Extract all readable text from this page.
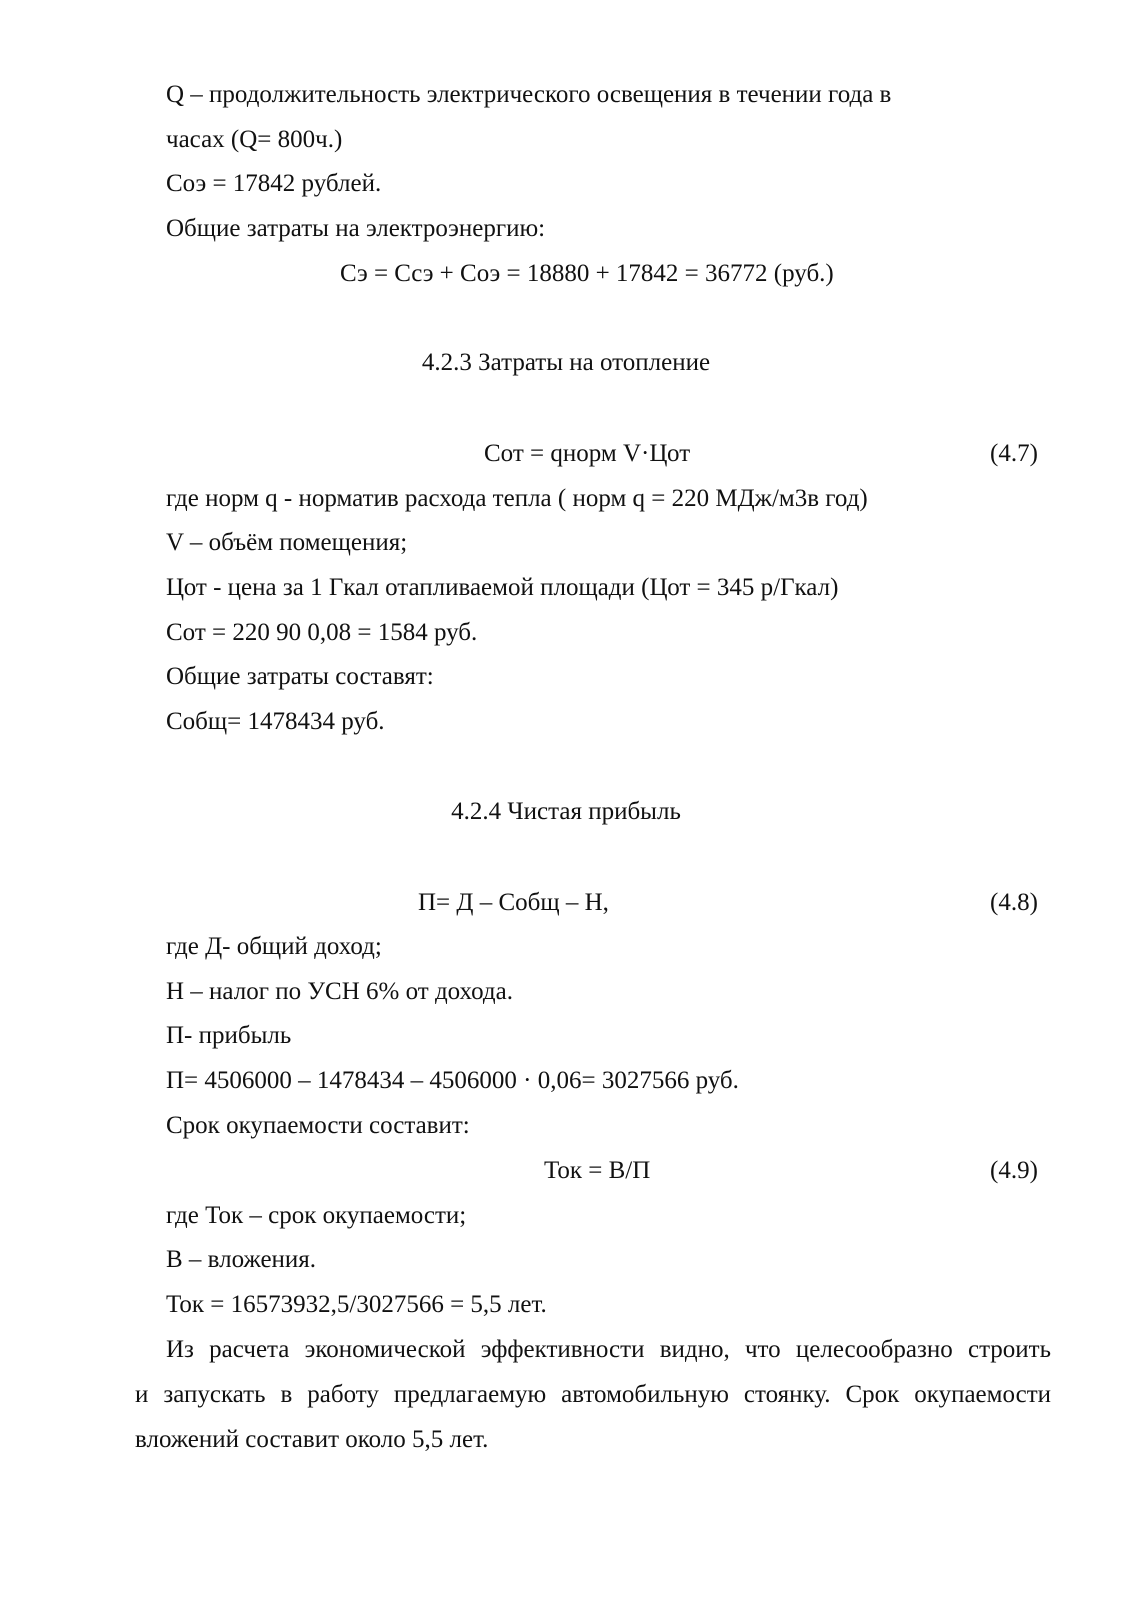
Q – продолжительность электрического освещения в течении года в
часах (Q= 800ч.)
Соэ = 17842 рублей.
Общие затраты на электроэнергию:
Сэ = Ссэ + Соэ = 18880 + 17842 = 36772 (руб.)
4.2.3 Затраты на отопление
Сот = qнорм V·Цот	(4.7)
где норм q - норматив расхода тепла ( норм q = 220 МДж/м3в год)
V – объём помещения;
Цот - цена за 1 Гкал отапливаемой площади (Цот = 345 р/Гкал)
Сот = 220 90 0,08 = 1584 руб.
Общие затраты составят:
Собщ= 1478434 руб.
4.2.4 Чистая прибыль
П= Д – Собщ – Н,	(4.8)
где Д- общий доход;
Н – налог по УСН 6% от дохода.
П- прибыль
П= 4506000 – 1478434 – 4506000 · 0,06= 3027566 руб.
Срок окупаемости составит:
Ток = В/П	(4.9)
где Ток – срок окупаемости;
В – вложения.
Ток = 16573932,5/3027566 = 5,5 лет.
Из расчета экономической эффективности видно, что целесообразно строить
и запускать в работу предлагаемую автомобильную стоянку. Срок окупаемости
вложений составит около 5,5 лет.
